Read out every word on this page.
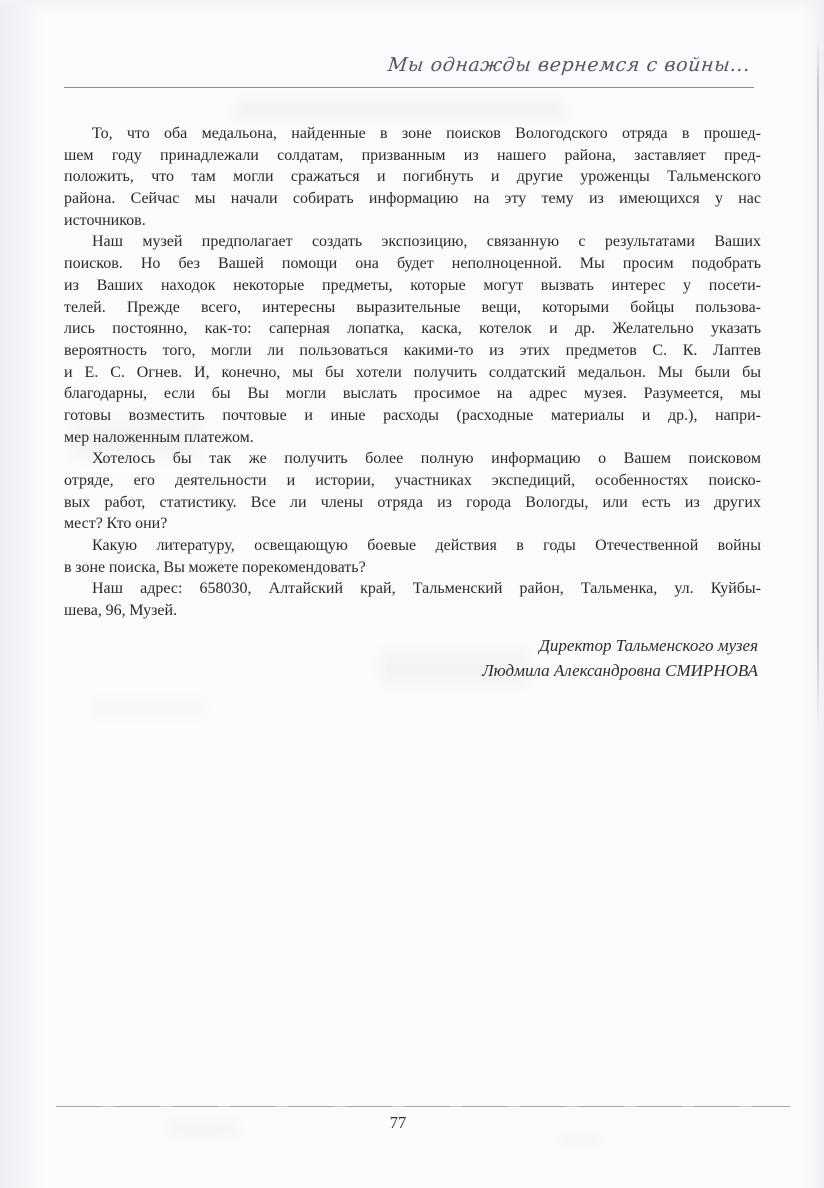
Мы однажды вернемся с войны...
То, что оба медальона, найденные в зоне поисков Вологодского отряда в прошед-
шем году принадлежали солдатам, призванным из нашего района, заставляет пред-
положить, что там могли сражаться и погибнуть и другие уроженцы Тальменского
района. Сейчас мы начали собирать информацию на эту тему из имеющихся у нас
источников.
Наш музей предполагает создать экспозицию, связанную с результатами Ваших
поисков. Но без Вашей помощи она будет неполноценной. Мы просим подобрать
из Ваших находок некоторые предметы, которые могут вызвать интерес у посети-
телей. Прежде всего, интересны выразительные вещи, которыми бойцы пользова-
лись постоянно, как-то: саперная лопатка, каска, котелок и др. Желательно указать
вероятность того, могли ли пользоваться какими-то из этих предметов С. К. Лаптев
и Е. С. Огнев. И, конечно, мы бы хотели получить солдатский медальон. Мы были бы
благодарны, если бы Вы могли выслать просимое на адрес музея. Разумеется, мы
готовы возместить почтовые и иные расходы (расходные материалы и др.), напри-
мер наложенным платежом.
Хотелось бы так же получить более полную информацию о Вашем поисковом
отряде, его деятельности и истории, участниках экспедиций, особенностях поиско-
вых работ, статистику. Все ли члены отряда из города Вологды, или есть из других
мест? Кто они?
Какую литературу, освещающую боевые действия в годы Отечественной войны
в зоне поиска, Вы можете порекомендовать?
Наш адрес: 658030, Алтайский край, Тальменский район, Тальменка, ул. Куйбы-
шева, 96, Музей.
Директор Тальменского музея
Людмила Александровна СМИРНОВА
77
